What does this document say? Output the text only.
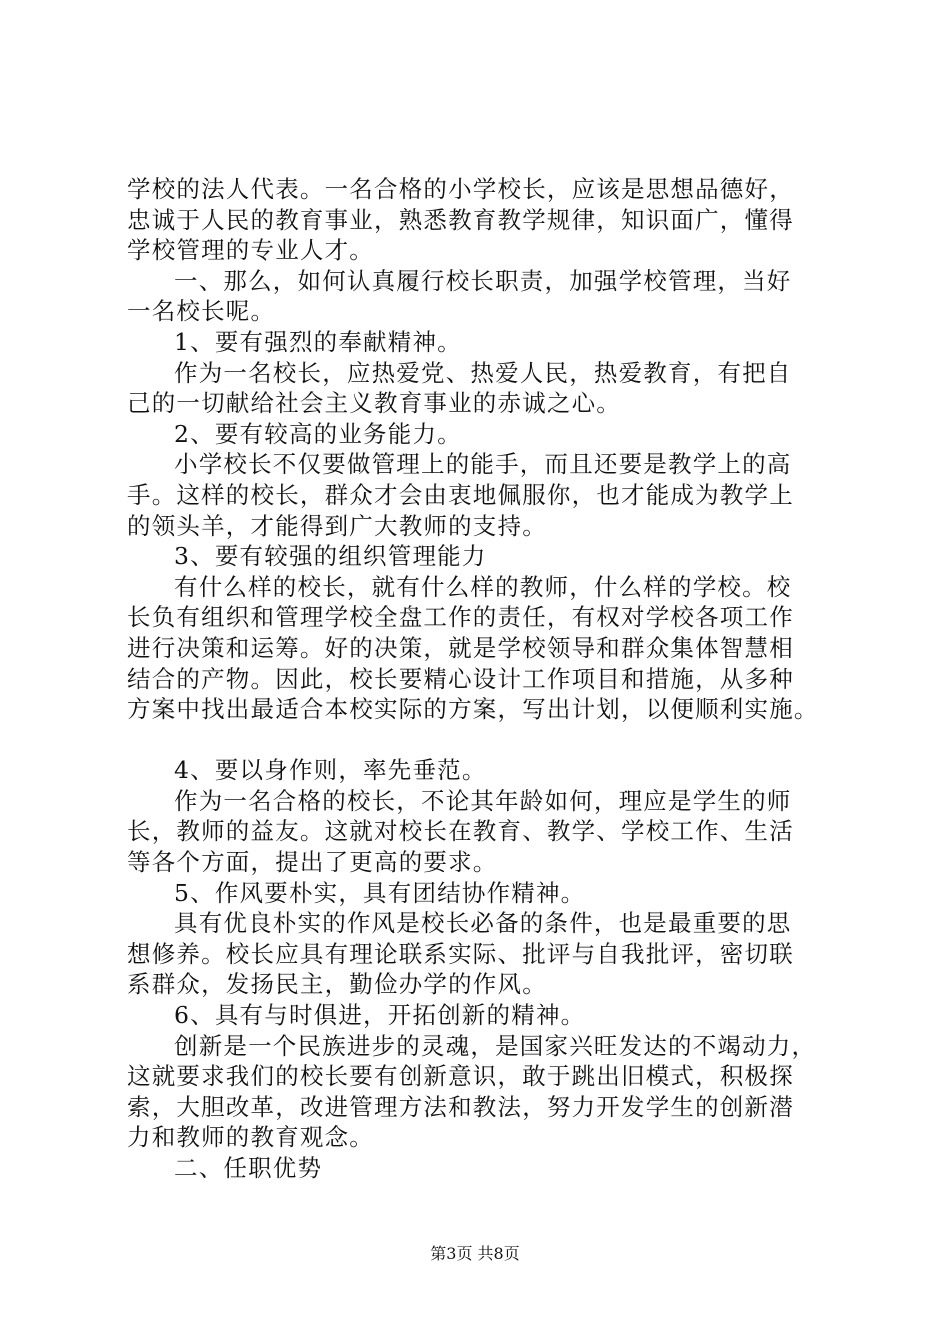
学校的法人代表。一名合格的小学校长，应该是思想品德好，
忠诚于人民的教育事业，熟悉教育教学规律，知识面广，懂得
学校管理的专业人才。
一、那么，如何认真履行校长职责，加强学校管理，当好
一名校长呢。
1、要有强烈的奉献精神。
作为一名校长，应热爱党、热爱人民，热爱教育，有把自
己的一切献给社会主义教育事业的赤诚之心。
2、要有较高的业务能力。
小学校长不仅要做管理上的能手，而且还要是教学上的高
手。这样的校长，群众才会由衷地佩服你，也才能成为教学上
的领头羊，才能得到广大教师的支持。
3、要有较强的组织管理能力
有什么样的校长，就有什么样的教师，什么样的学校。校
长负有组织和管理学校全盘工作的责任，有权对学校各项工作
进行决策和运筹。好的决策，就是学校领导和群众集体智慧相
结合的产物。因此，校长要精心设计工作项目和措施，从多种
方案中找出最适合本校实际的方案，写出计划，以便顺利实施。
4、要以身作则，率先垂范。
作为一名合格的校长，不论其年龄如何，理应是学生的师
长，教师的益友。这就对校长在教育、教学、学校工作、生活
等各个方面，提出了更高的要求。
5、作风要朴实，具有团结协作精神。
具有优良朴实的作风是校长必备的条件，也是最重要的思
想修养。校长应具有理论联系实际、批评与自我批评，密切联
系群众，发扬民主，勤俭办学的作风。
6、具有与时俱进，开拓创新的精神。
创新是一个民族进步的灵魂，是国家兴旺发达的不竭动力，
这就要求我们的校长要有创新意识，敢于跳出旧模式，积极探
索，大胆改革，改进管理方法和教法，努力开发学生的创新潜
力和教师的教育观念。
二、任职优势
第3页 共8页
